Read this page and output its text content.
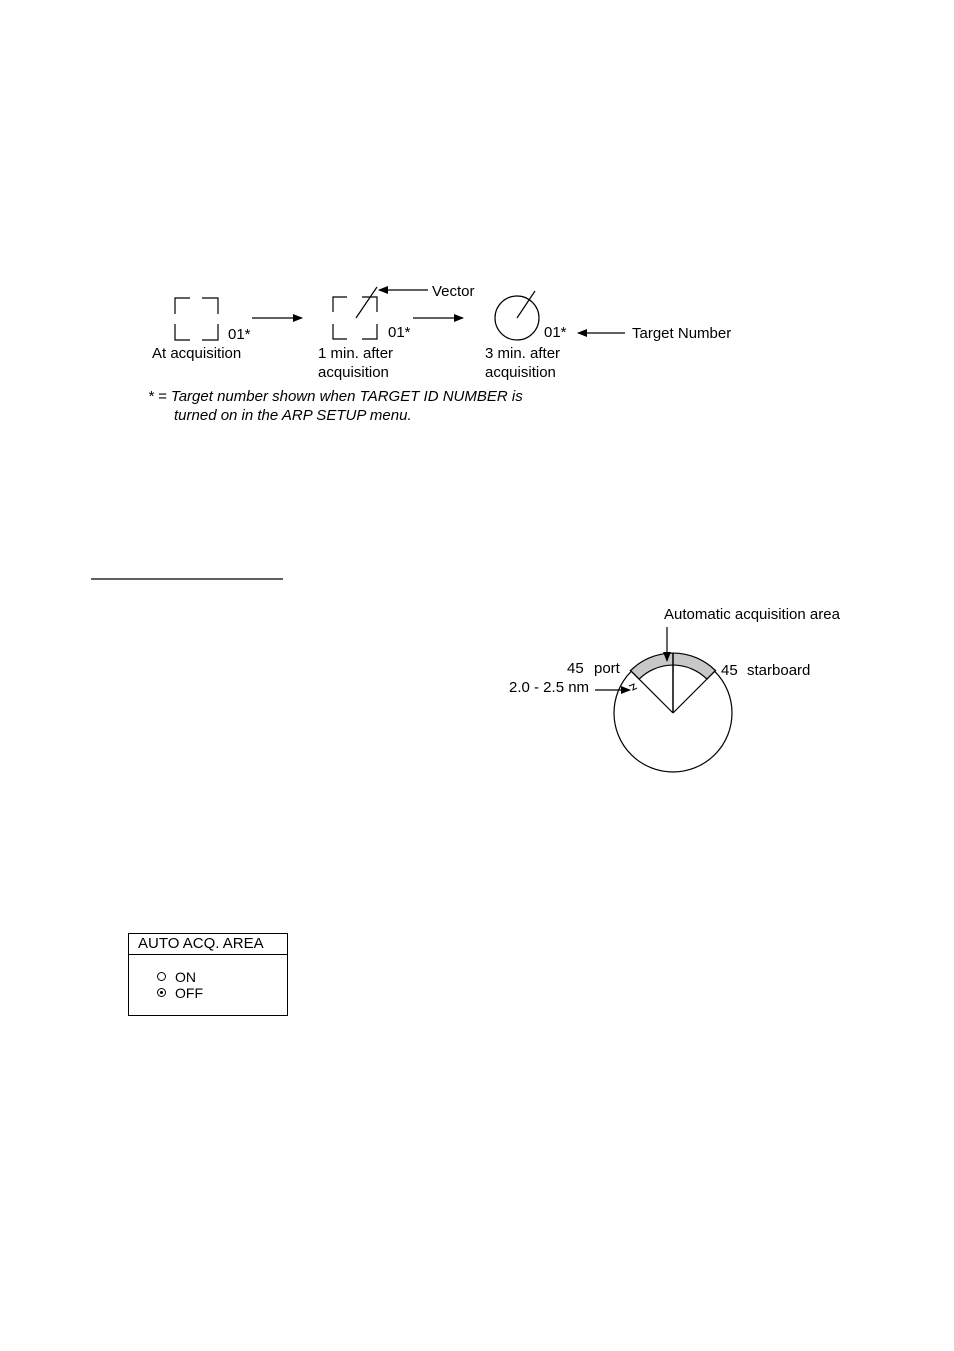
01*
At acquisition
01*
1 min. after
acquisition
01*
3 min. after
acquisition
Vector
Target Number
* = Target number shown when TARGET ID NUMBER is
turned on in the ARP SETUP menu.
Automatic acquisition area
45 port	45 starboard
2.0 - 2.5 nm
AUTO ACQ. AREA
ON
OFF
